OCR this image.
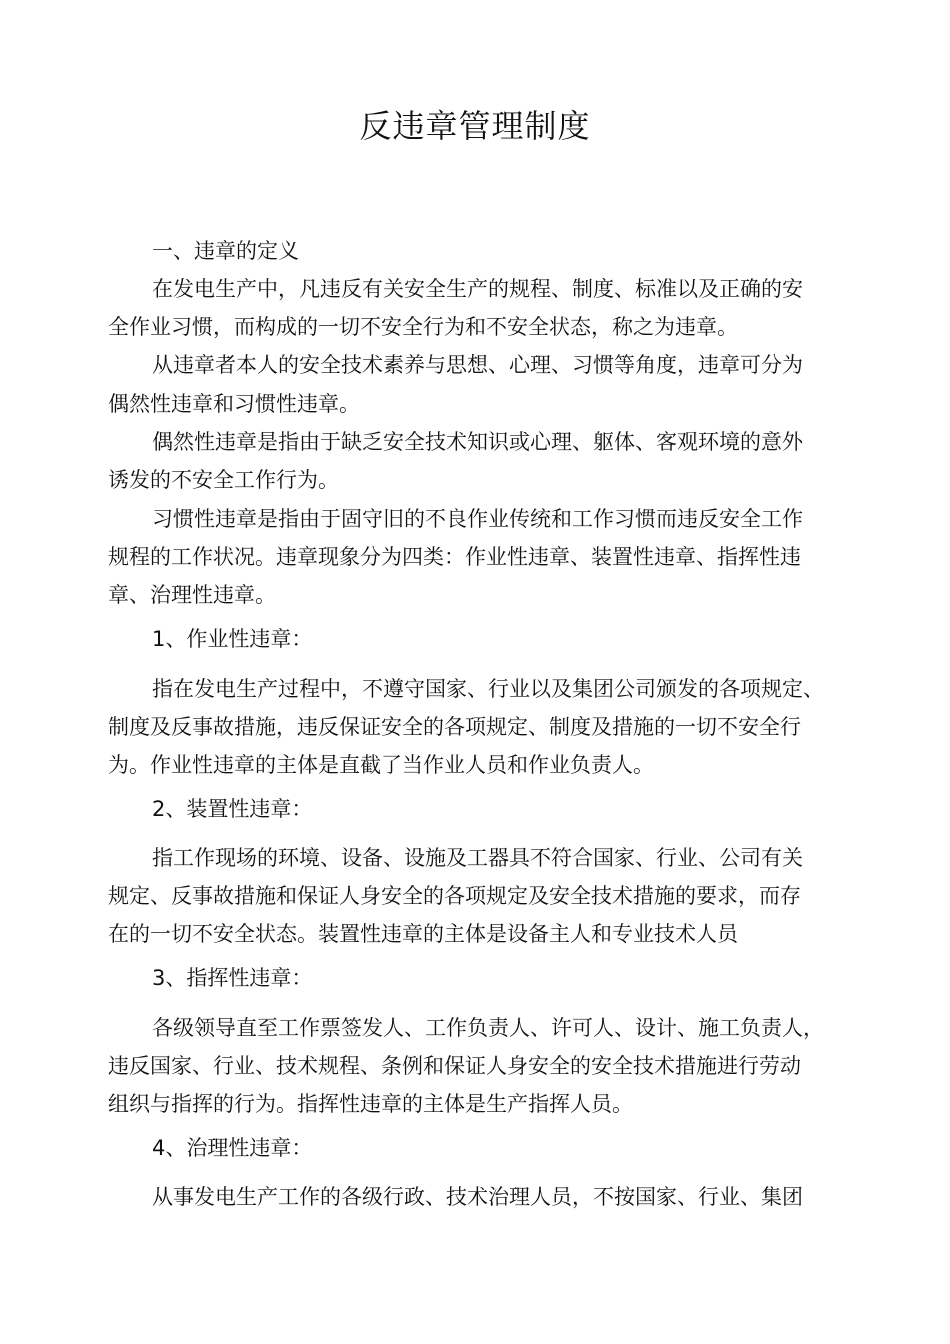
反违章管理制度
一、违章的定义
在发电生产中，凡违反有关安全生产的规程、制度、标准以及正确的安
全作业习惯，而构成的一切不安全行为和不安全状态，称之为违章。
从违章者本人的安全技术素养与思想、心理、习惯等角度，违章可分为
偶然性违章和习惯性违章。
偶然性违章是指由于缺乏安全技术知识或心理、躯体、客观环境的意外
诱发的不安全工作行为。
习惯性违章是指由于固守旧的不良作业传统和工作习惯而违反安全工作
规程的工作状况。违章现象分为四类：作业性违章、装置性违章、指挥性违
章、治理性违章。
1、作业性违章：
指在发电生产过程中，不遵守国家、行业以及集团公司颁发的各项规定、
制度及反事故措施，违反保证安全的各项规定、制度及措施的一切不安全行
为。作业性违章的主体是直截了当作业人员和作业负责人。
2、装置性违章：
指工作现场的环境、设备、设施及工器具不符合国家、行业、公司有关
规定、反事故措施和保证人身安全的各项规定及安全技术措施的要求，而存
在的一切不安全状态。装置性违章的主体是设备主人和专业技术人员
3、指挥性违章：
各级领导直至工作票签发人、工作负责人、许可人、设计、施工负责人，
违反国家、行业、技术规程、条例和保证人身安全的安全技术措施进行劳动
组织与指挥的行为。指挥性违章的主体是生产指挥人员。
4、治理性违章：
从事发电生产工作的各级行政、技术治理人员，不按国家、行业、集团
